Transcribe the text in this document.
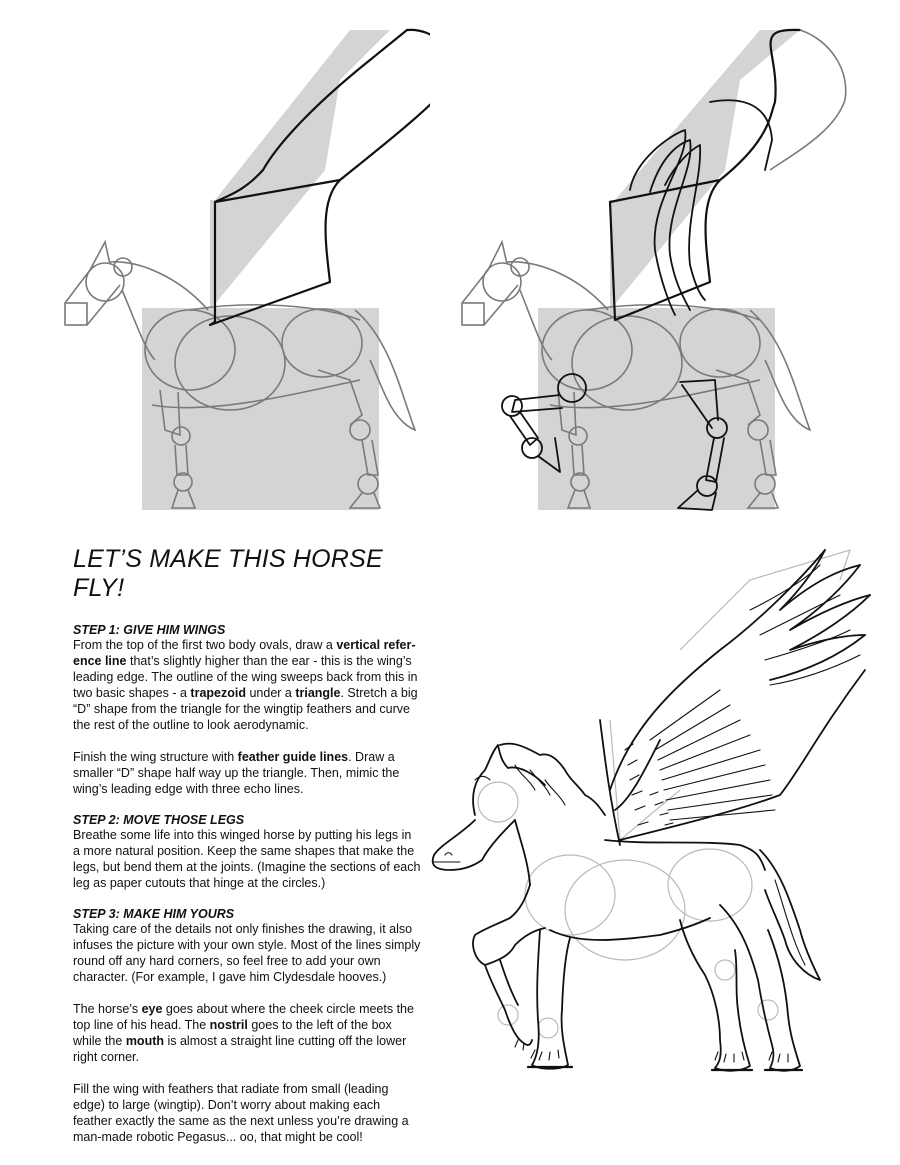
LET’S MAKE THIS HORSE FLY!

STEP 1: GIVE HIM WINGS

From the top of the first two body ovals, draw a vertical refer-ence line that’s slightly higher than the ear - this is the wing’s leading edge. The outline of the wing sweeps back from this in two basic shapes - a trapezoid under a triangle. Stretch a big “D” shape from the triangle for the wingtip feathers and curve the rest of the outline to look aerodynamic.

Finish the wing structure with feather guide lines. Draw a smaller “D” shape half way up the triangle. Then, mimic the wing’s leading edge with three echo lines.

STEP 2: MOVE THOSE LEGS

Breathe some life into this winged horse by putting his legs in a more natural position. Keep the same shapes that make the legs, but bend them at the joints. (Imagine the sections of each leg as paper cutouts that hinge at the circles.)

STEP 3: MAKE HIM YOURS

Taking care of the details not only finishes the drawing, it also infuses the picture with your own style. Most of the lines simply round off any hard corners, so feel free to add your own character. (For example, I gave him Clydesdale hooves.)

The horse’s eye goes about where the cheek circle meets the top line of his head. The nostril goes to the left of the box while the mouth is almost a straight line cutting off the lower right corner.

Fill the wing with feathers that radiate from small (leading edge) to large (wingtip). Don’t worry about making each feather exactly the same as the next unless you’re drawing a man-made robotic Pegasus... oo, that might be cool!
